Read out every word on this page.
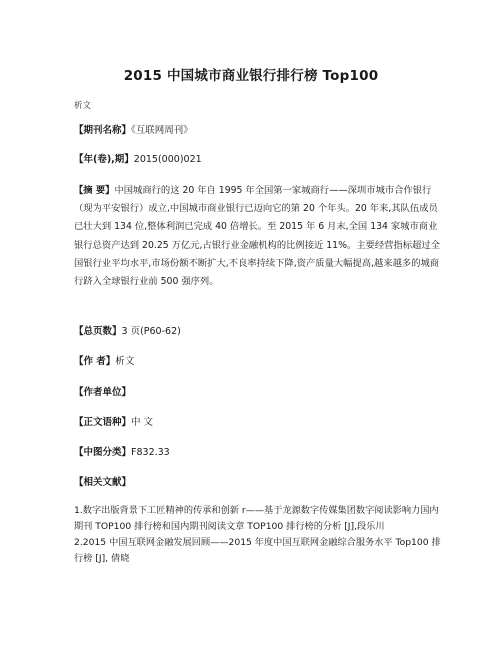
2015 中国城市商业银行排行榜 Top100
析文
【期刊名称】《互联网周刊》
【年(卷),期】2015(000)021
【摘 要】中国城商行的这 20 年自 1995 年全国第一家城商行——深圳市城市合作银行（现为平安银行）成立,中国城市商业银行已迈向它的第 20 个年头。20 年来,其队伍成员已壮大到 134 位,整体利润已完成 40 倍增长。至 2015 年 6 月末,全国 134 家城市商业银行总资产达到 20.25 万亿元,占银行业金融机构的比例接近 11%。主要经营指标超过全国银行业平均水平,市场份额不断扩大,不良率持续下降,资产质量大幅提高,越来越多的城商行跻入全球银行业前 500 强序列。
【总页数】3 页(P60-62)
【作 者】析文
【作者单位】
【正文语种】中 文
【中图分类】F832.33
【相关文献】
1.数字出版背景下工匠精神的传承和创新 r——基于龙源数字传媒集团数字阅读影响力国内期刊 TOP100 排行榜和国内期刊阅读文章 TOP100 排行榜的分析 [J],段乐川
2.2015 中国互联网金融发展回顾——2015 年度中国互联网金融综合服务水平 Top100 排行榜 [J], 倩晓
